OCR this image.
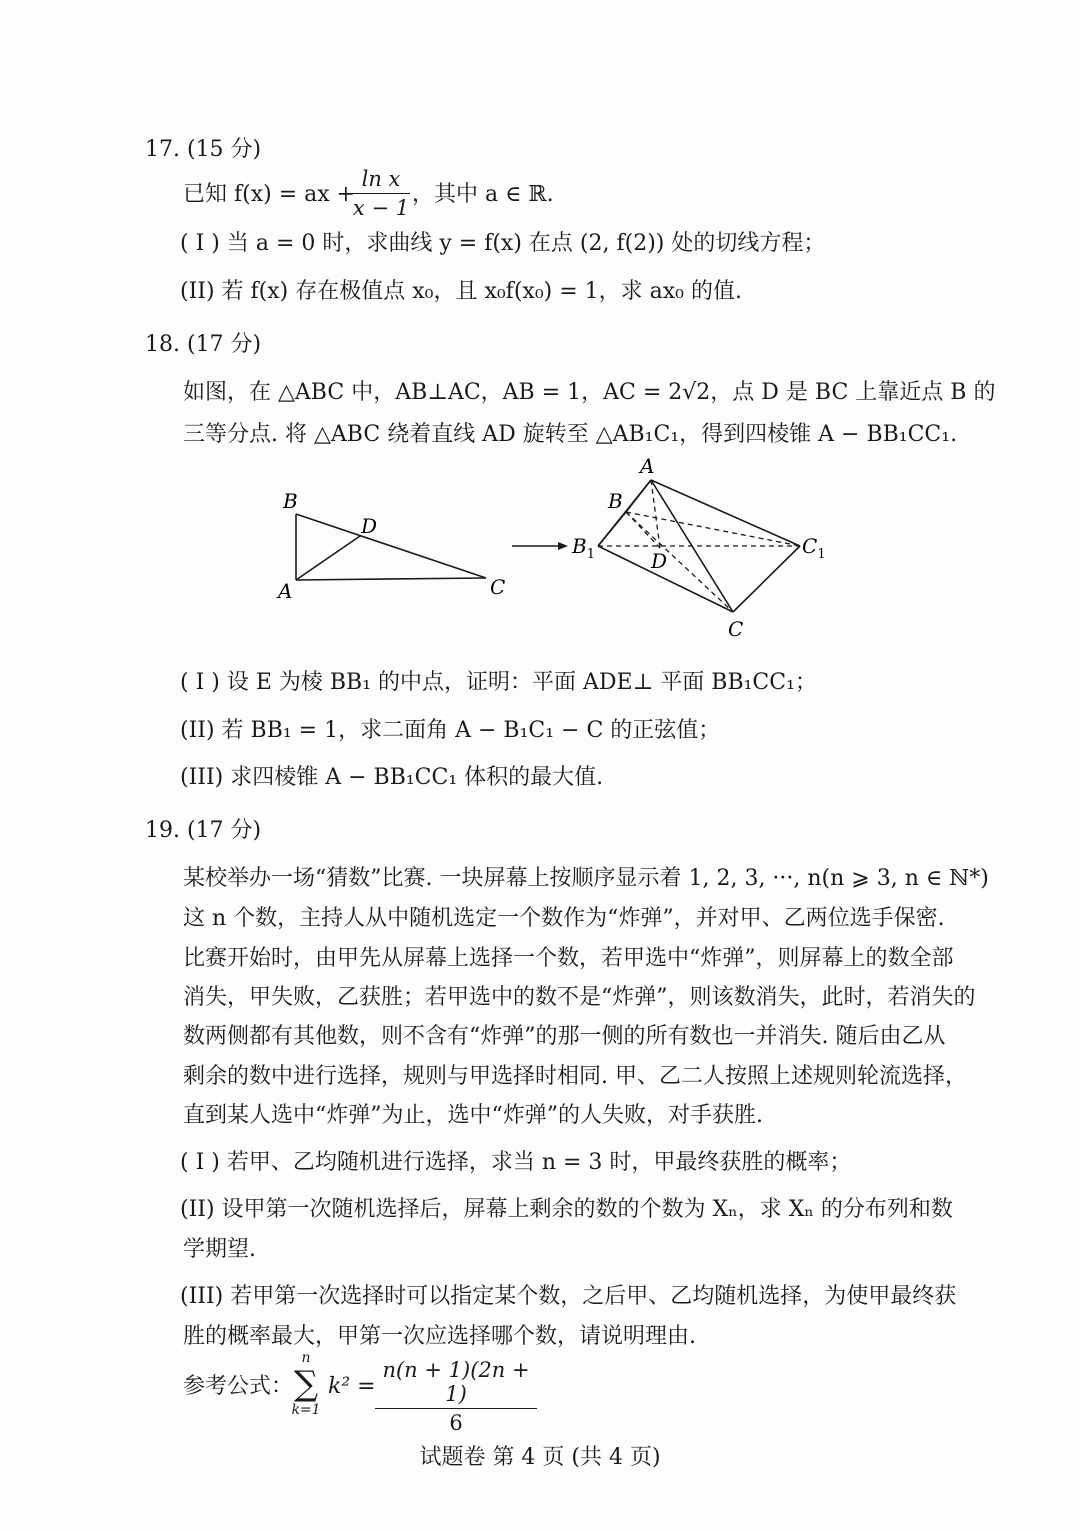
17. (15 分)
已知 f(x) = ax +
ln x
x − 1
，其中 a ∈ ℝ.
( I ) 当 a = 0 时，求曲线 y = f(x) 在点 (2, f(2)) 处的切线方程；
(II) 若 f(x) 存在极值点 x₀，且 x₀f(x₀) = 1，求 ax₀ 的值.
18. (17 分)
如图，在 △ABC 中，AB⊥AC，AB = 1，AC = 2√2，点 D 是 BC 上靠近点 B 的
三等分点. 将 △ABC 绕着直线 AD 旋转至 △AB₁C₁，得到四棱锥 A − BB₁CC₁.
B
D
A	C
A
B
$B_1$	D
$C_1$
C
( I ) 设 E 为棱 BB₁ 的中点，证明：平面 ADE⊥ 平面 BB₁CC₁；
(II) 若 BB₁ = 1，求二面角 A − B₁C₁ − C 的正弦值；
(III) 求四棱锥 A − BB₁CC₁ 体积的最大值.
19. (17 分)
某校举办一场“猜数”比赛. 一块屏幕上按顺序显示着 1, 2, 3, ···, n(n ⩾ 3, n ∈ ℕ*)
这 n 个数，主持人从中随机选定一个数作为“炸弹”，并对甲、乙两位选手保密.
比赛开始时，由甲先从屏幕上选择一个数，若甲选中“炸弹”，则屏幕上的数全部
消失，甲失败，乙获胜；若甲选中的数不是“炸弹”，则该数消失，此时，若消失的
数两侧都有其他数，则不含有“炸弹”的那一侧的所有数也一并消失. 随后由乙从
剩余的数中进行选择，规则与甲选择时相同. 甲、乙二人按照上述规则轮流选择，
直到某人选中“炸弹”为止，选中“炸弹”的人失败，对手获胜.
( I ) 若甲、乙均随机进行选择，求当 n = 3 时，甲最终获胜的概率；
(II) 设甲第一次随机选择后，屏幕上剩余的数的个数为 Xₙ，求 Xₙ 的分布列和数
学期望.
(III) 若甲第一次选择时可以指定某个数，之后甲、乙均随机选择，为使甲最终获
胜的概率最大，甲第一次应选择哪个数，请说明理由.
参考公式：
n
∑
k=1
k² =
n(n + 1)(2n + 1)
6
试题卷 第 4 页 (共 4 页)
